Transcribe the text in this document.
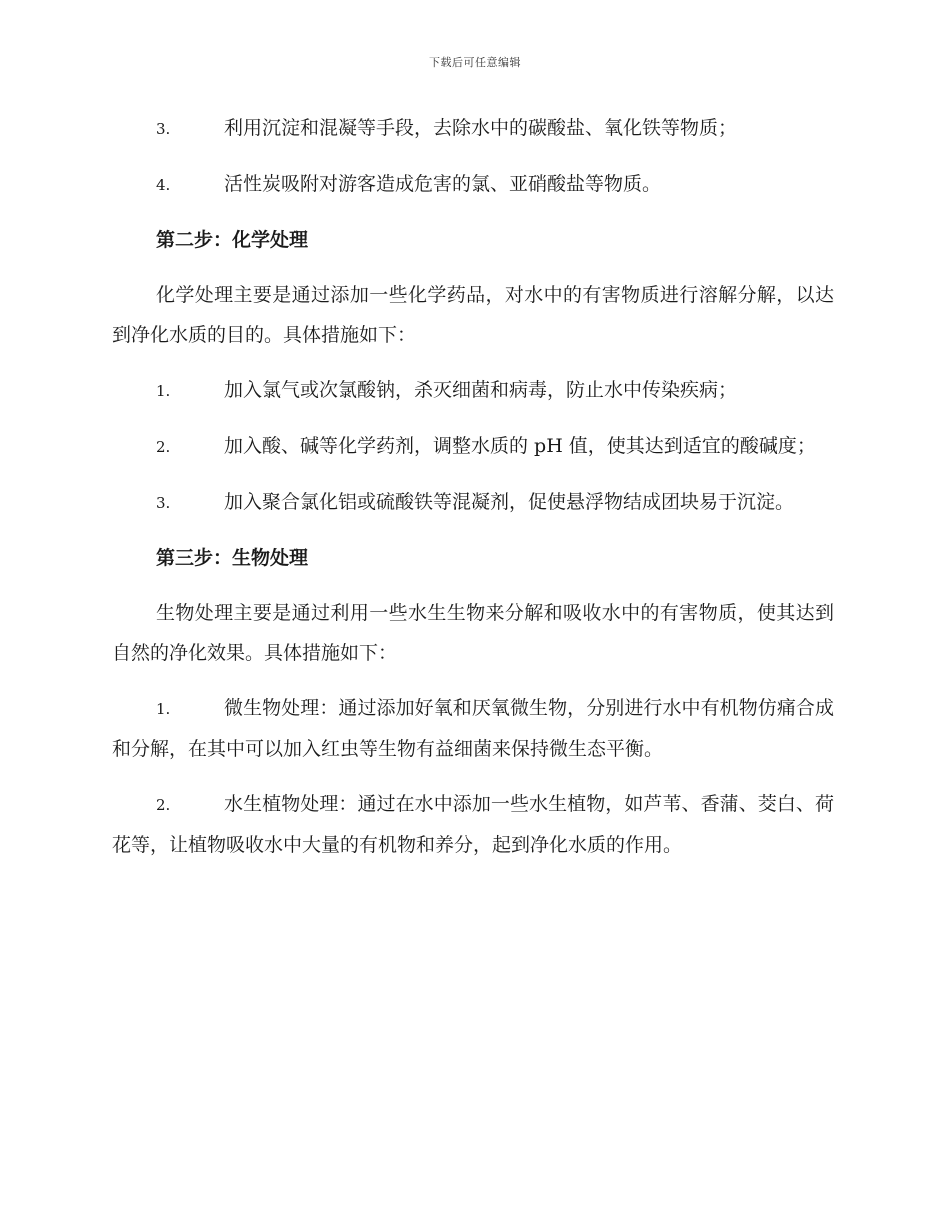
下载后可任意编辑
3.	利用沉淀和混凝等手段，去除水中的碳酸盐、氧化铁等物质；
4.	活性炭吸附对游客造成危害的氯、亚硝酸盐等物质。
第二步：化学处理
化学处理主要是通过添加一些化学药品，对水中的有害物质进行溶解分解，以达到净化水质的目的。具体措施如下：
1.	加入氯气或次氯酸钠，杀灭细菌和病毒，防止水中传染疾病；
2.	加入酸、碱等化学药剂，调整水质的 pH 值，使其达到适宜的酸碱度；
3.	加入聚合氯化铝或硫酸铁等混凝剂，促使悬浮物结成团块易于沉淀。
第三步：生物处理
生物处理主要是通过利用一些水生生物来分解和吸收水中的有害物质，使其达到自然的净化效果。具体措施如下：
1.	微生物处理：通过添加好氧和厌氧微生物，分别进行水中有机物仿痛合成和分解，在其中可以加入红虫等生物有益细菌来保持微生态平衡。
2.	水生植物处理：通过在水中添加一些水生植物，如芦苇、香蒲、茭白、荷花等，让植物吸收水中大量的有机物和养分，起到净化水质的作用。
